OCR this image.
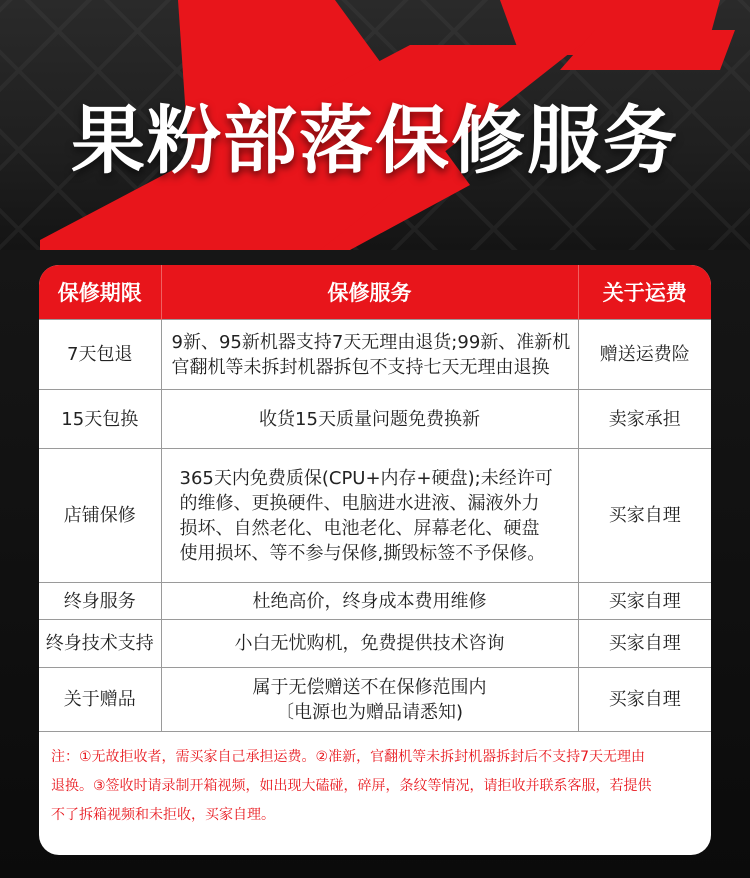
果粉部落保修服务
保修期限	保修服务	关于运费
7天包退	9新、95新机器支持7天无理由退货;99新、准新机
官翻机等未拆封机器拆包不支持七天无理由退换	赠送运费险
15天包换	收货15天质量问题免费换新	卖家承担
店铺保修	365天内免费质保(CPU+内存+硬盘);未经许可
的维修、更换硬件、电脑进水进液、漏液外力
损坏、自然老化、电池老化、屏幕老化、硬盘
使用损坏、等不参与保修,撕毁标签不予保修。	买家自理
终身服务	杜绝高价，终身成本费用维修	买家自理
终身技术支持	小白无忧购机，免费提供技术咨询	买家自理
关于赠品	属于无偿赠送不在保修范围内
〔电源也为赠品请悉知)	买家自理
注：①无故拒收者，需买家自己承担运费。②准新，官翻机等未拆封机器拆封后不支持7天无理由
退换。③签收时请录制开箱视频，如出现大磕碰，碎屏，条纹等情况，请拒收并联系客服，若提供
不了拆箱视频和未拒收，买家自理。
